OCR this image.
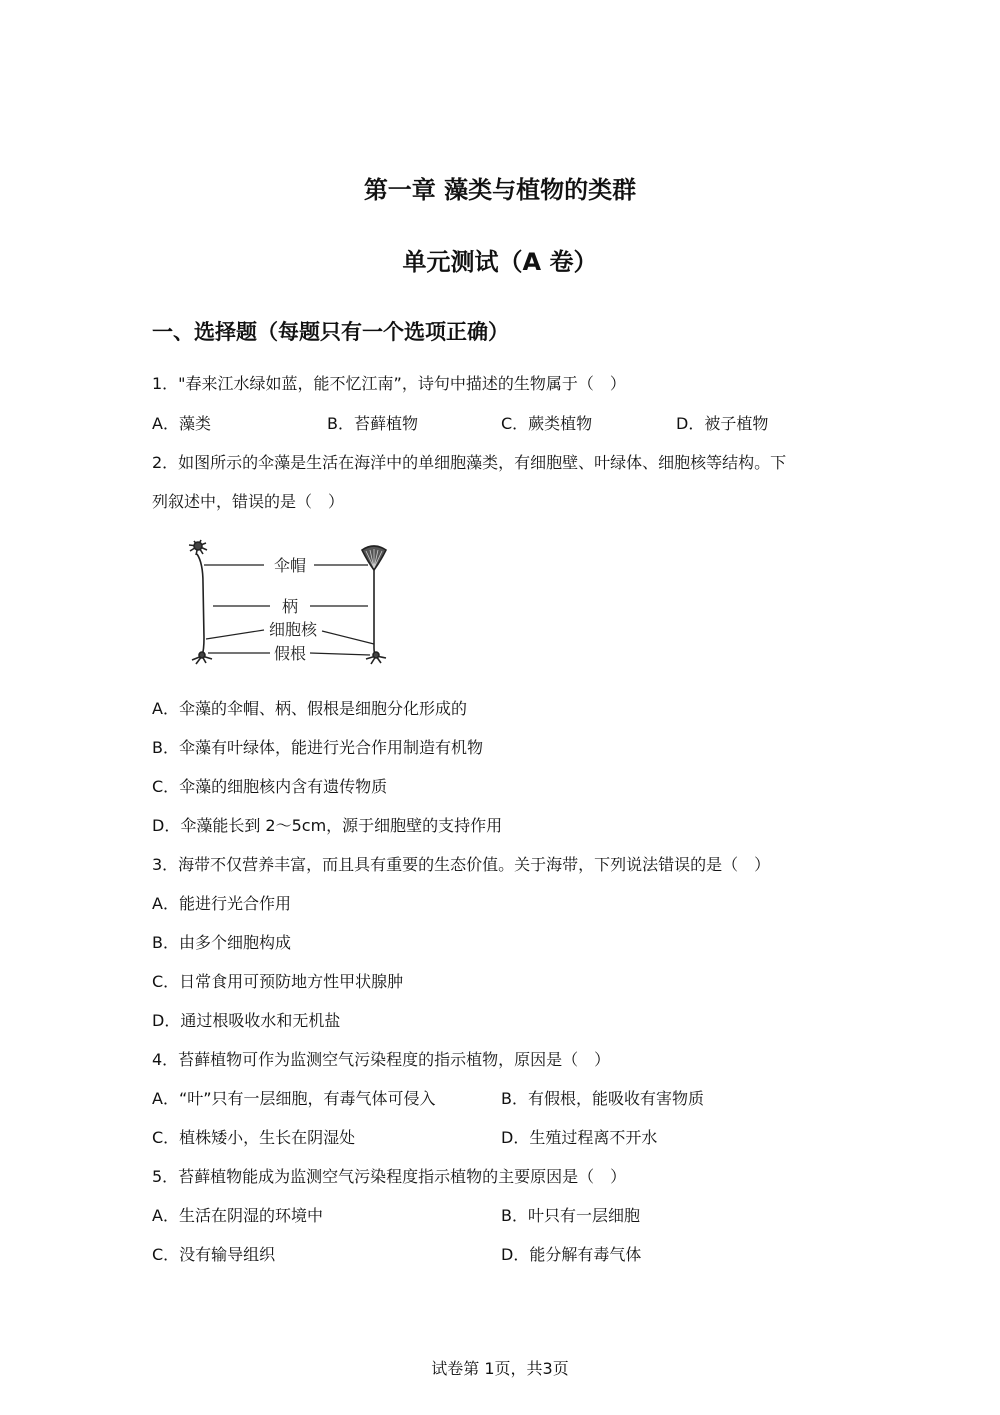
第一章 藻类与植物的类群
单元测试（A 卷）
一、选择题（每题只有一个选项正确）
1．"春来江水绿如蓝，能不忆江南”，诗句中描述的生物属于（　）
A．藻类	B．苔藓植物	C．蕨类植物	D．被子植物
2．如图所示的伞藻是生活在海洋中的单细胞藻类，有细胞壁、叶绿体、细胞核等结构。下
列叙述中，错误的是（　）
伞帽
柄
细胞核
假根
A．伞藻的伞帽、柄、假根是细胞分化形成的
B．伞藻有叶绿体，能进行光合作用制造有机物
C．伞藻的细胞核内含有遗传物质
D．伞藻能长到 2～5cm，源于细胞壁的支持作用
3．海带不仅营养丰富，而且具有重要的生态价值。关于海带，下列说法错误的是（　）
A．能进行光合作用
B．由多个细胞构成
C．日常食用可预防地方性甲状腺肿
D．通过根吸收水和无机盐
4．苔藓植物可作为监测空气污染程度的指示植物，原因是（　）
A．“叶”只有一层细胞，有毒气体可侵入	B．有假根，能吸收有害物质
C．植株矮小，生长在阴湿处	D．生殖过程离不开水
5．苔藓植物能成为监测空气污染程度指示植物的主要原因是（　）
A．生活在阴湿的环境中	B．叶只有一层细胞
C．没有输导组织	D．能分解有毒气体
试卷第 1页，共3页
